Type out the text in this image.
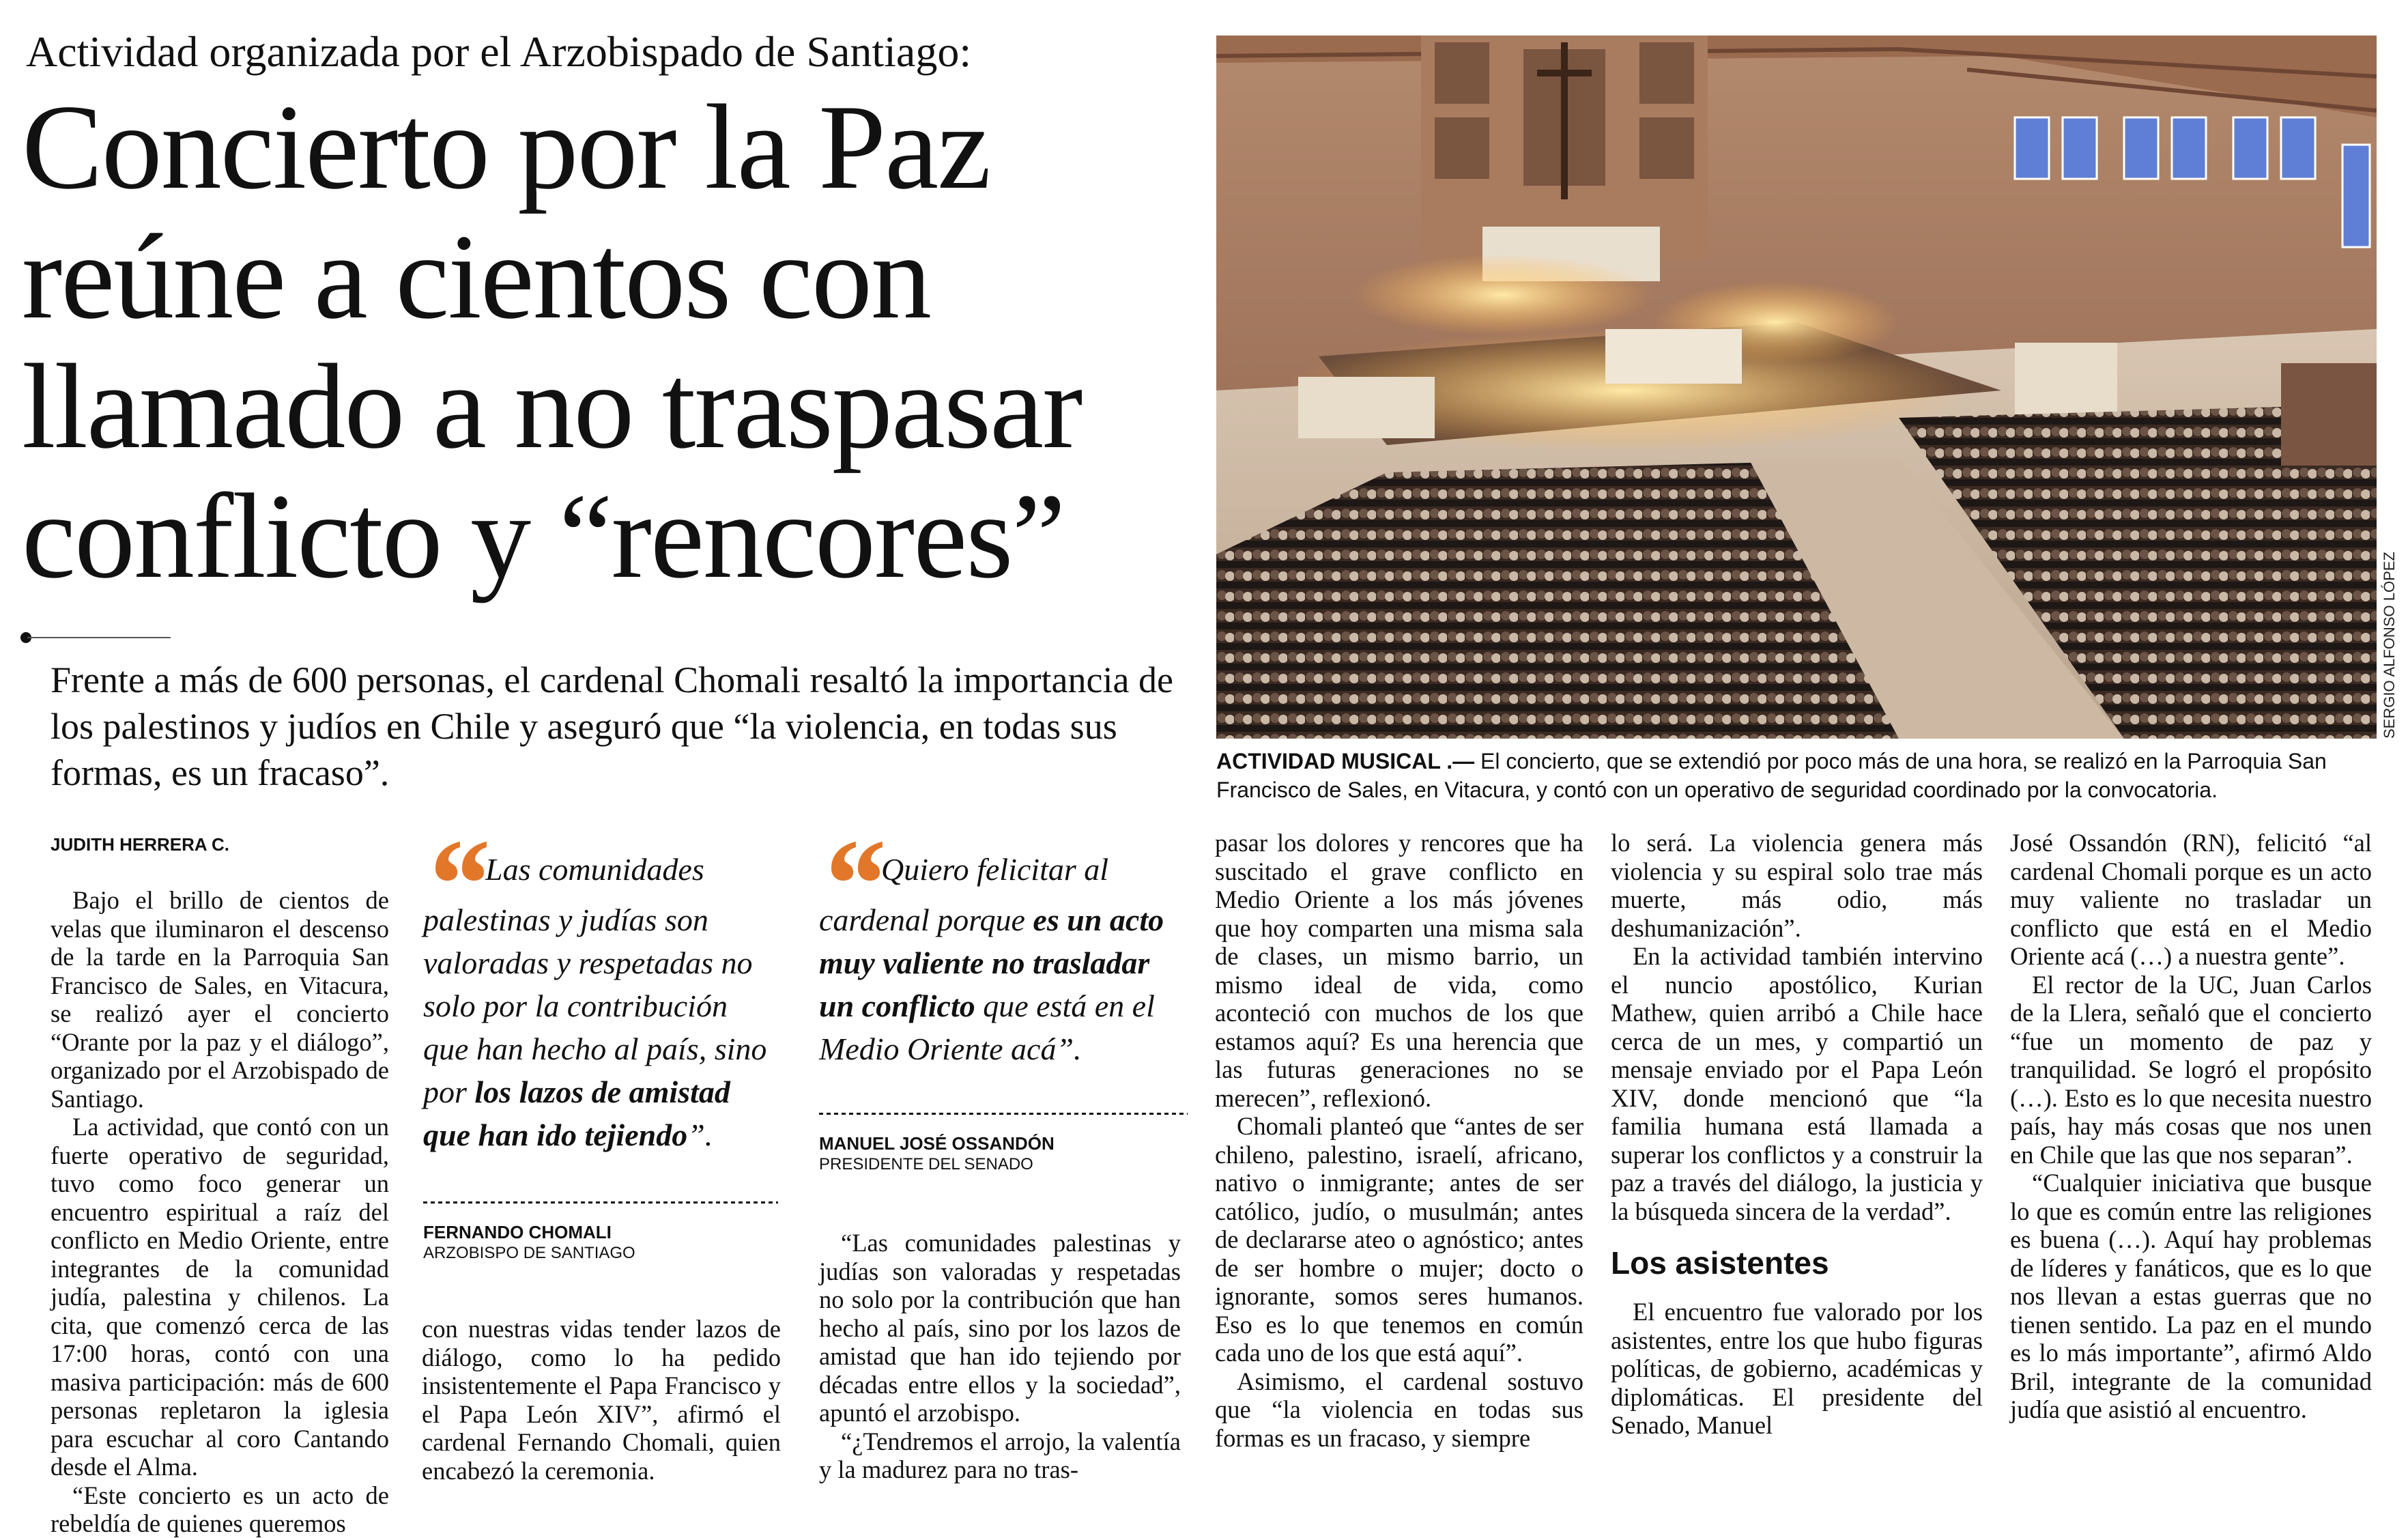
Actividad organizada por el Arzobispado de Santiago:
Concierto por la Paz reúne a cientos con llamado a no traspasar conflicto y “rencores”
Frente a más de 600 personas, el cardenal Chomali resaltó la importancia de los palestinos y judíos en Chile y aseguró que “la violencia, en todas sus formas, es un fracaso”.
SERGIO ALFONSO LÓPEZ
ACTIVIDAD MUSICAL .— El concierto, que se extendió por poco más de una hora, se realizó en la Parroquia San Francisco de Sales, en Vitacura, y contó con un operativo de seguridad coordinado por la convocatoria.
JUDITH HERRERA C.

Bajo el brillo de cientos de velas que iluminaron el descenso de la tarde en la Parroquia San Francisco de Sales, en Vitacura, se realizó ayer el concierto “Orante por la paz y el diálogo”, organizado por el Arzobispado de Santiago.

La actividad, que contó con un fuerte operativo de seguridad, tuvo como foco generar un encuentro espiritual a raíz del conflicto en Medio Oriente, entre integrantes de la comunidad judía, palestina y chilenos. La cita, que comenzó cerca de las 17:00 horas, contó con una masiva participación: más de 600 personas repletaron la iglesia para escuchar al coro Cantando desde el Alma.

“Este concierto es un acto de rebeldía de quienes queremos

“ Las comunidades palestinas y judías son valoradas y respetadas no solo por la contribución que han hecho al país, sino por los lazos de amistad que han ido tejiendo”.
FERNANDO CHOMALI
ARZOBISPO DE SANTIAGO

con nuestras vidas tender lazos de diálogo, como lo ha pedido insistentemente el Papa Francisco y el Papa León XIV”, afirmó el cardenal Fernando Chomali, quien encabezó la ceremonia.

“ Quiero felicitar al cardenal porque es un acto muy valiente no trasladar un conflicto que está en el Medio Oriente acá”.
MANUEL JOSÉ OSSANDÓN
PRESIDENTE DEL SENADO

“Las comunidades palestinas y judías son valoradas y respetadas no solo por la contribución que han hecho al país, sino por los lazos de amistad que han ido tejiendo por décadas entre ellos y la sociedad”, apuntó el arzobispo.

“¿Tendremos el arrojo, la valentía y la madurez para no tras-

pasar los dolores y rencores que ha suscitado el grave conflicto en Medio Oriente a los más jóvenes que hoy comparten una misma sala de clases, un mismo barrio, un mismo ideal de vida, como aconteció con muchos de los que estamos aquí? Es una herencia que las futuras generaciones no se merecen”, reflexionó.

Chomali planteó que “antes de ser chileno, palestino, israelí, africano, nativo o inmigrante; antes de ser católico, judío, o musulmán; antes de declararse ateo o agnóstico; antes de ser hombre o mujer; docto o ignorante, somos seres humanos. Eso es lo que tenemos en común cada uno de los que está aquí”.

Asimismo, el cardenal sostuvo que “la violencia en todas sus formas es un fracaso, y siempre

lo será. La violencia genera más violencia y su espiral solo trae más muerte, más odio, más deshumanización”.

En la actividad también intervino el nuncio apostólico, Kurian Mathew, quien arribó a Chile hace cerca de un mes, y compartió un mensaje enviado por el Papa León XIV, donde mencionó que “la familia humana está llamada a superar los conflictos y a construir la paz a través del diálogo, la justicia y la búsqueda sincera de la verdad”.

Los asistentes

El encuentro fue valorado por los asistentes, entre los que hubo figuras políticas, de gobierno, académicas y diplomáticas. El presidente del Senado, Manuel

José Ossandón (RN), felicitó “al cardenal Chomali porque es un acto muy valiente no trasladar un conflicto que está en el Medio Oriente acá (…) a nuestra gente”.

El rector de la UC, Juan Carlos de la Llera, señaló que el concierto “fue un momento de paz y tranquilidad. Se logró el propósito (…). Esto es lo que necesita nuestro país, hay más cosas que nos unen en Chile que las que nos separan”.

“Cualquier iniciativa que busque lo que es común entre las religiones es buena (…). Aquí hay problemas de líderes y fanáticos, que es lo que nos llevan a estas guerras que no tienen sentido. La paz en el mundo es lo más importante”, afirmó Aldo Bril, integrante de la comunidad judía que asistió al encuentro.
